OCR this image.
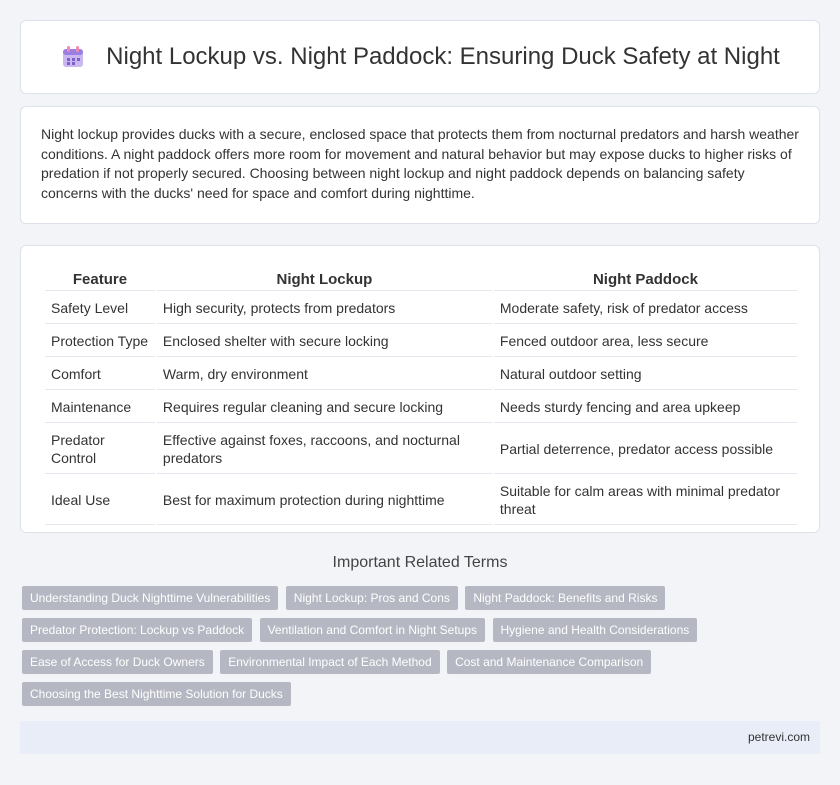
Night Lockup vs. Night Paddock: Ensuring Duck Safety at Night

Night lockup provides ducks with a secure, enclosed space that protects them from nocturnal predators and harsh weather conditions. A night paddock offers more room for movement and natural behavior but may expose ducks to higher risks of predation if not properly secured. Choosing between night lockup and night paddock depends on balancing safety concerns with the ducks' need for space and comfort during nighttime.

Feature	Night Lockup	Night Paddock
Safety Level	High security, protects from predators	Moderate safety, risk of predator access
Protection Type	Enclosed shelter with secure locking	Fenced outdoor area, less secure
Comfort	Warm, dry environment	Natural outdoor setting
Maintenance	Requires regular cleaning and secure locking	Needs sturdy fencing and area upkeep
Predator Control	Effective against foxes, raccoons, and nocturnal predators	Partial deterrence, predator access possible
Ideal Use	Best for maximum protection during nighttime	Suitable for calm areas with minimal predator threat
Important Related Terms
Understanding Duck Nighttime Vulnerabilities Night Lockup: Pros and Cons Night Paddock: Benefits and Risks Predator Protection: Lockup vs Paddock Ventilation and Comfort in Night Setups Hygiene and Health Considerations Ease of Access for Duck Owners Environmental Impact of Each Method Cost and Maintenance Comparison Choosing the Best Nighttime Solution for Ducks
petrevi.com
